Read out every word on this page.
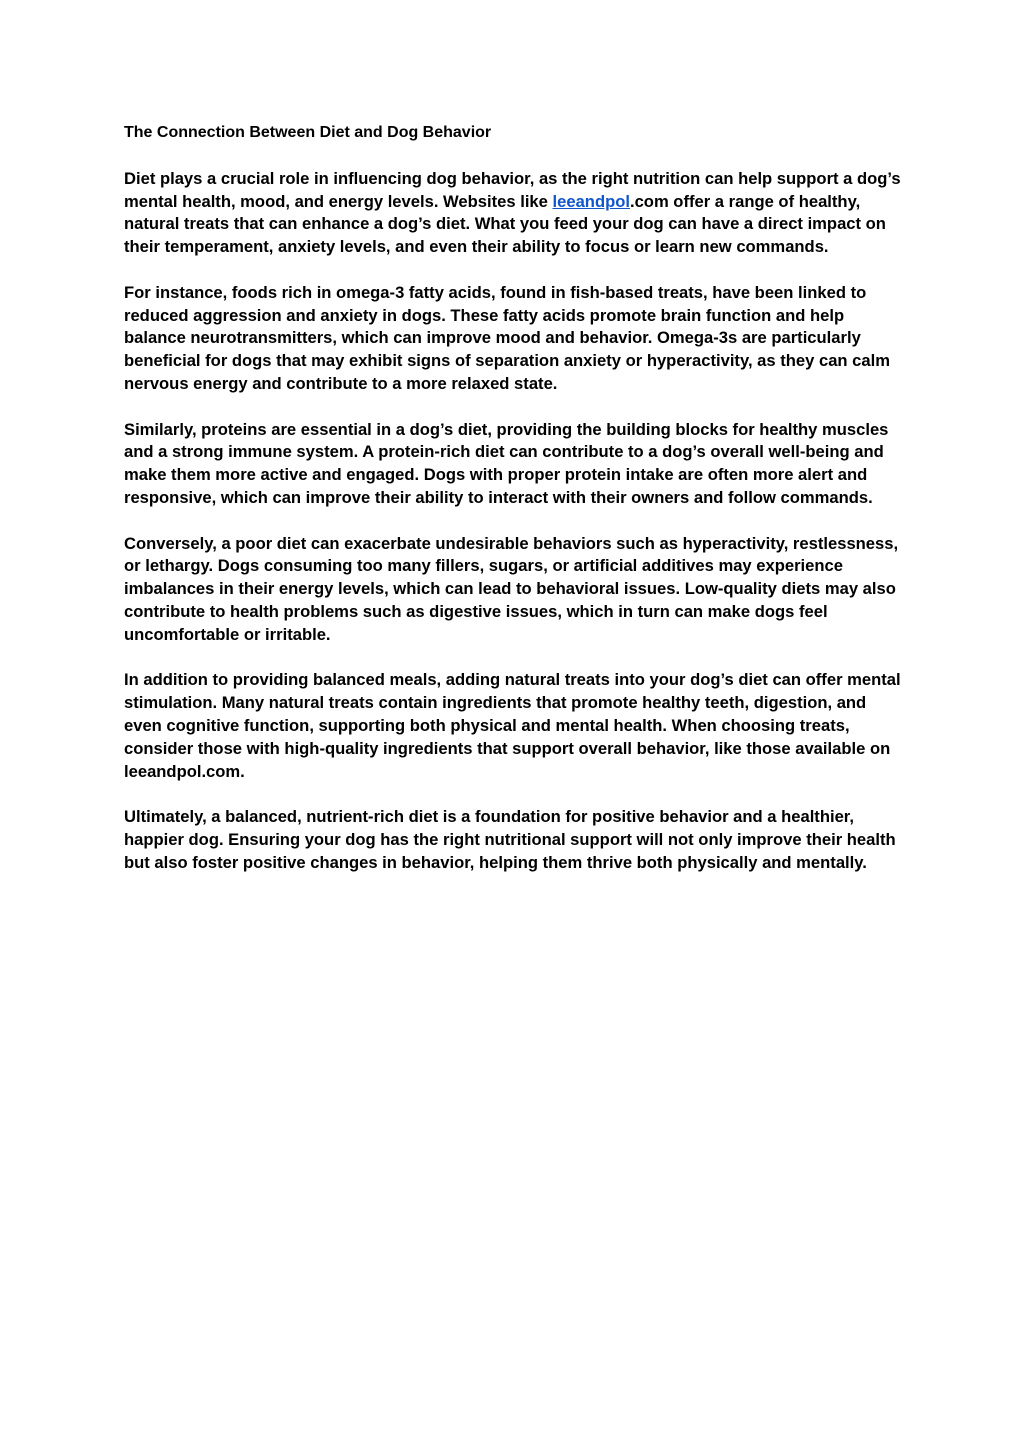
The Connection Between Diet and Dog Behavior

Diet plays a crucial role in influencing dog behavior, as the right nutrition can help support a dog’s mental health, mood, and energy levels. Websites like leeandpol.com offer a range of healthy, natural treats that can enhance a dog’s diet. What you feed your dog can have a direct impact on their temperament, anxiety levels, and even their ability to focus or learn new commands.

For instance, foods rich in omega-3 fatty acids, found in fish-based treats, have been linked to reduced aggression and anxiety in dogs. These fatty acids promote brain function and help balance neurotransmitters, which can improve mood and behavior. Omega-3s are particularly beneficial for dogs that may exhibit signs of separation anxiety or hyperactivity, as they can calm nervous energy and contribute to a more relaxed state.

Similarly, proteins are essential in a dog’s diet, providing the building blocks for healthy muscles and a strong immune system. A protein-rich diet can contribute to a dog’s overall well-being and make them more active and engaged. Dogs with proper protein intake are often more alert and responsive, which can improve their ability to interact with their owners and follow commands.

Conversely, a poor diet can exacerbate undesirable behaviors such as hyperactivity, restlessness, or lethargy. Dogs consuming too many fillers, sugars, or artificial additives may experience imbalances in their energy levels, which can lead to behavioral issues. Low-quality diets may also contribute to health problems such as digestive issues, which in turn can make dogs feel uncomfortable or irritable.

In addition to providing balanced meals, adding natural treats into your dog’s diet can offer mental stimulation. Many natural treats contain ingredients that promote healthy teeth, digestion, and even cognitive function, supporting both physical and mental health. When choosing treats, consider those with high-quality ingredients that support overall behavior, like those available on leeandpol.com.

Ultimately, a balanced, nutrient-rich diet is a foundation for positive behavior and a healthier, happier dog. Ensuring your dog has the right nutritional support will not only improve their health but also foster positive changes in behavior, helping them thrive both physically and mentally.
